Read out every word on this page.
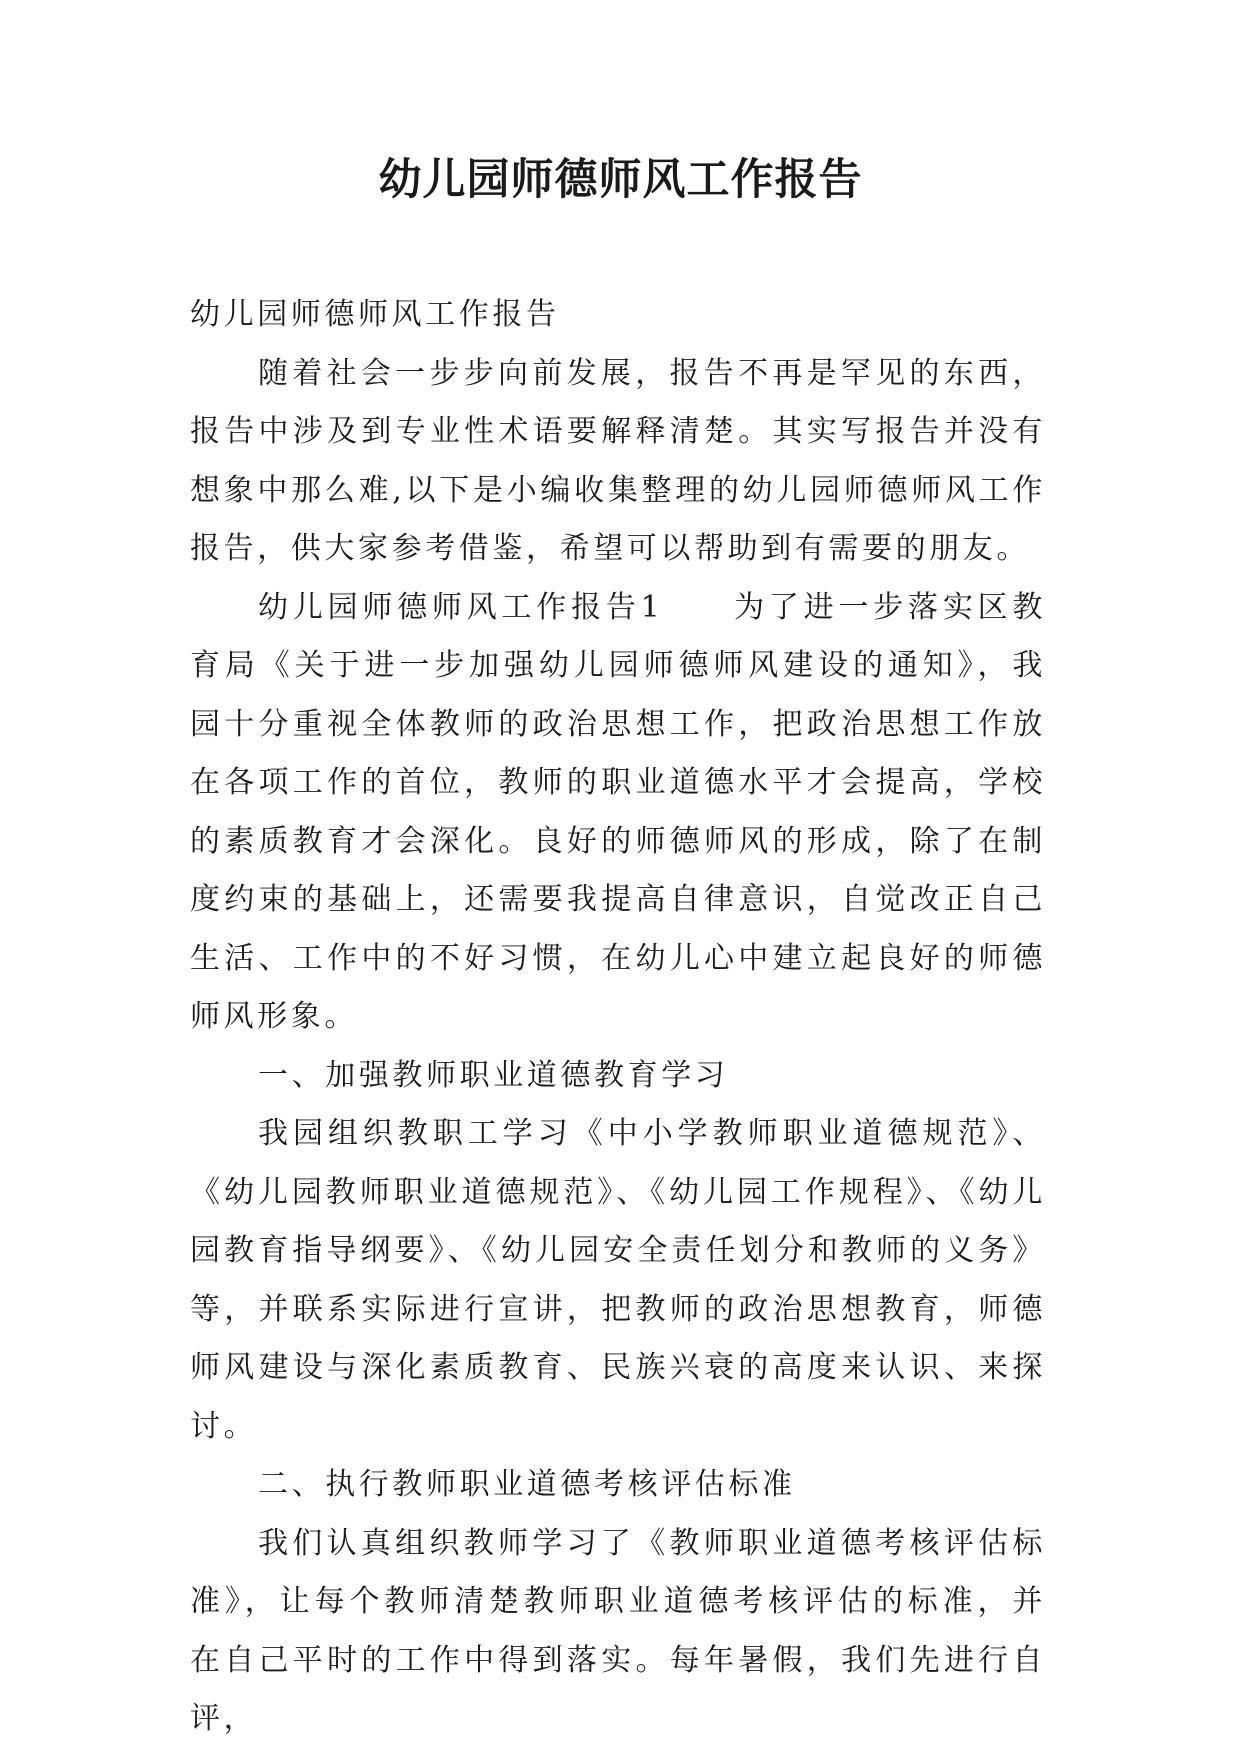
幼儿园师德师风工作报告

幼儿园师德师风工作报告

随着社会一步步向前发展，报告不再是罕见的东西，报告中涉及到专业性术语要解释清楚。其实写报告并没有想象中那么难,以下是小编收集整理的幼儿园师德师风工作报告，供大家参考借鉴，希望可以帮助到有需要的朋友。

幼儿园师德师风工作报告1　　为了进一步落实区教育局《关于进一步加强幼儿园师德师风建设的通知》，我园十分重视全体教师的政治思想工作，把政治思想工作放在各项工作的首位，教师的职业道德水平才会提高，学校的素质教育才会深化。良好的师德师风的形成，除了在制度约束的基础上，还需要我提高自律意识，自觉改正自己生活、工作中的不好习惯，在幼儿心中建立起良好的师德师风形象。

一、加强教师职业道德教育学习

我园组织教职工学习《中小学教师职业道德规范》、《幼儿园教师职业道德规范》、《幼儿园工作规程》、《幼儿园教育指导纲要》、《幼儿园安全责任划分和教师的义务》等，并联系实际进行宣讲，把教师的政治思想教育，师德师风建设与深化素质教育、民族兴衰的高度来认识、来探讨。

二、执行教师职业道德考核评估标准

我们认真组织教师学习了《教师职业道德考核评估标准》，让每个教师清楚教师职业道德考核评估的标准，并在自己平时的工作中得到落实。每年暑假，我们先进行自评，
